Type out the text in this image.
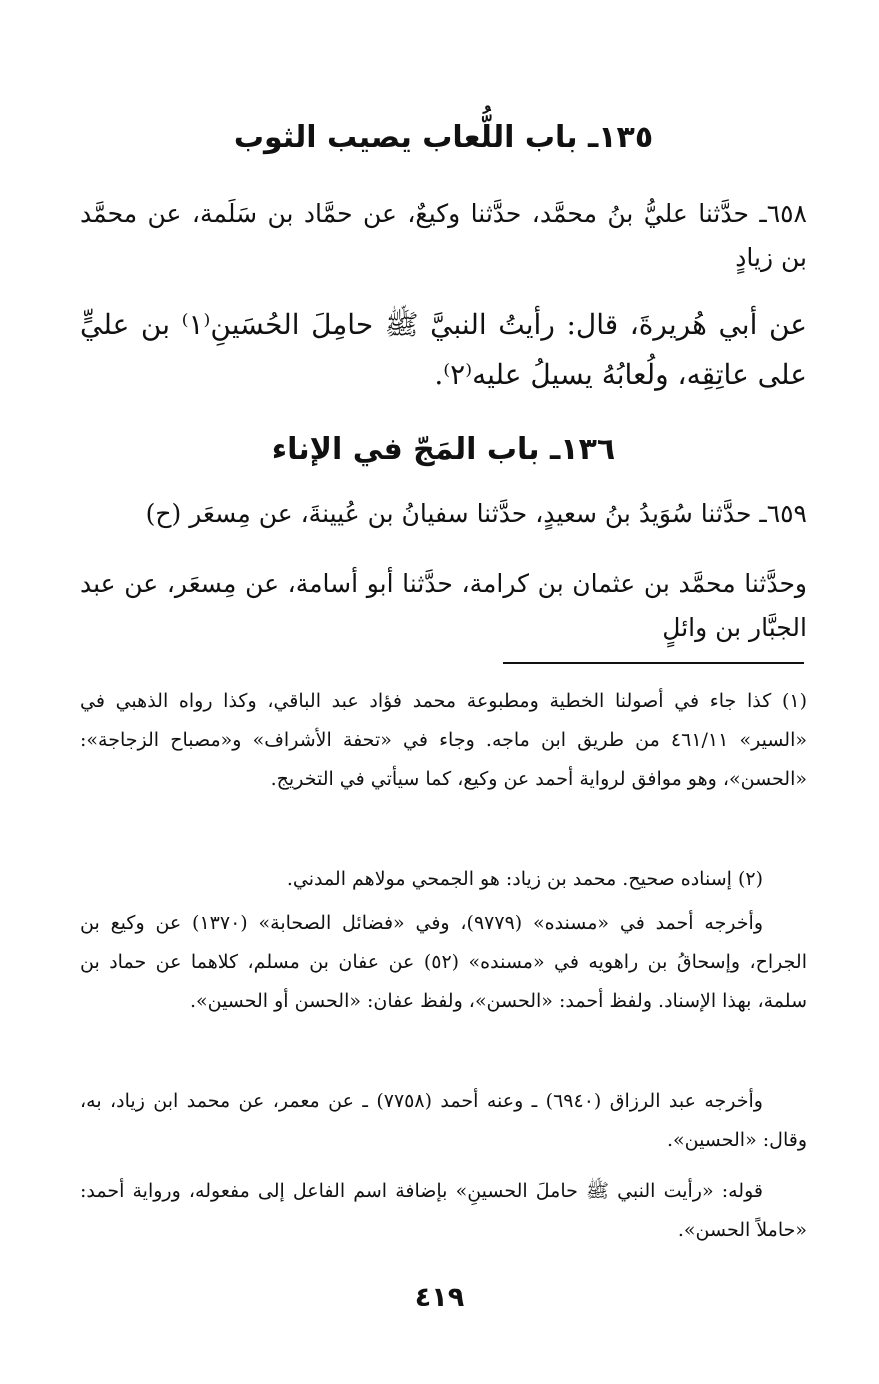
١٣٥ـ باب اللُّعاب يصيب الثوب

٦٥٨ـ حدَّثنا عليُّ بنُ محمَّد، حدَّثنا وكيعٌ، عن حمَّاد بن سَلَمة، عن محمَّد بن زيادٍ

عن أبي هُريرةَ، قال: رأيتُ النبيَّ ﷺ حامِلَ الحُسَينِ⁽١⁾ بن عليٍّ على عاتِقِه، ولُعابُهُ يسيلُ عليه⁽٢⁾.

١٣٦ـ باب المَجّ في الإناء

٦٥٩ـ حدَّثنا سُوَيدُ بنُ سعيدٍ، حدَّثنا سفيانُ بن عُيينةَ، عن مِسعَر (ح)

وحدَّثنا محمَّد بن عثمان بن كرامة، حدَّثنا أبو أسامة، عن مِسعَر، عن عبد الجبَّار بن وائلٍ

(١) كذا جاء في أصولنا الخطية ومطبوعة محمد فؤاد عبد الباقي، وكذا رواه الذهبي في «السير» ٤٦١/١١ من طريق ابن ماجه. وجاء في «تحفة الأشراف» و«مصباح الزجاجة»: «الحسن»، وهو موافق لرواية أحمد عن وكيع، كما سيأتي في التخريج.

(٢) إسناده صحيح. محمد بن زياد: هو الجمحي مولاهم المدني.

وأخرجه أحمد في «مسنده» (٩٧٧٩)، وفي «فضائل الصحابة» (١٣٧٠) عن وكيع بن الجراح، وإسحاقُ بن راهويه في «مسنده» (٥٢) عن عفان بن مسلم، كلاهما عن حماد بن سلمة، بهذا الإسناد. ولفظ أحمد: «الحسن»، ولفظ عفان: «الحسن أو الحسين».

وأخرجه عبد الرزاق (٦٩٤٠) ـ وعنه أحمد (٧٧٥٨) ـ عن معمر، عن محمد ابن زياد، به، وقال: «الحسين».

قوله: «رأيت النبي ﷺ حاملَ الحسينِ» بإضافة اسم الفاعل إلى مفعوله، ورواية أحمد: «حاملاً الحسن».

٤١٩
